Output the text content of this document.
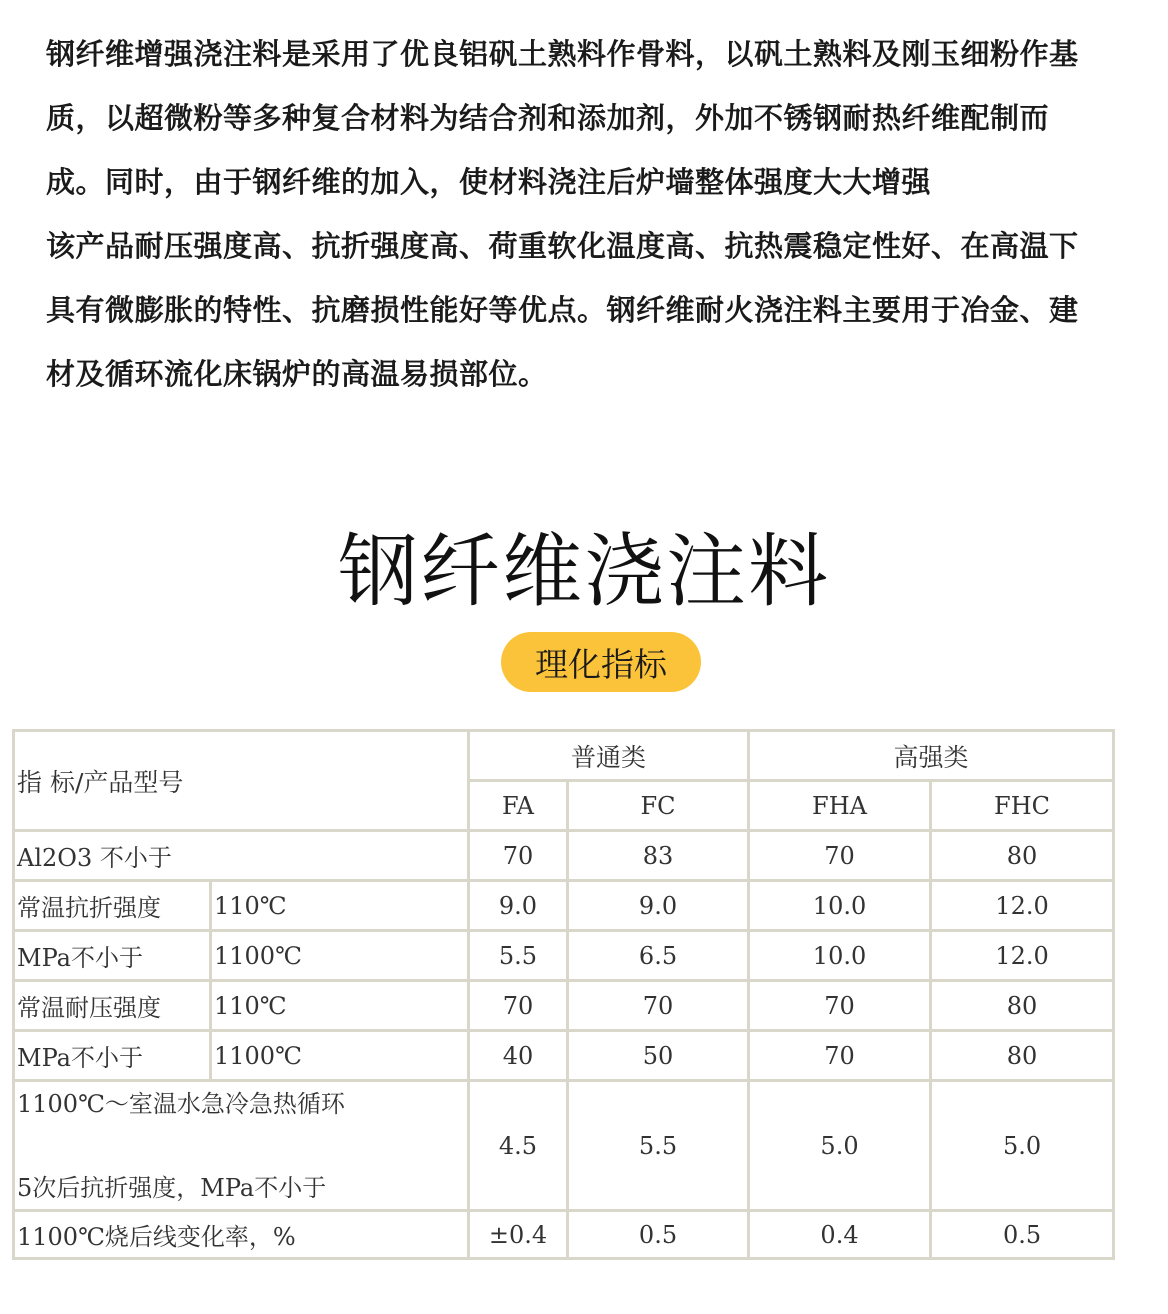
钢纤维增强浇注料是采用了优良铝矾土熟料作骨料，以矾土熟料及刚玉细粉作基质，以超微粉等多种复合材料为结合剂和添加剂，外加不锈钢耐热纤维配制而成。同时，由于钢纤维的加入，使材料浇注后炉墙整体强度大大增强

该产品耐压强度高、抗折强度高、荷重软化温度高、抗热震稳定性好、在高温下具有微膨胀的特性、抗磨损性能好等优点。钢纤维耐火浇注料主要用于冶金、建材及循环流化床锅炉的高温易损部位。

钢纤维浇注料
理化指标
指 标/产品型号		普通类		高强类	
		FA	FC	FHA	FHC
Al2O3 不小于		70	83	70	80
常温抗折强度	110℃	9.0	9.0	10.0	12.0
MPa不小于	1100℃	5.5	6.5	10.0	12.0
常温耐压强度	110℃	70	70	70	80
MPa不小于	1100℃	40	50	70	80

1100℃～室温水急冷急热循环
5次后抗折强度，MPa不小于		4.5	5.5	5.0	5.0
1100℃烧后线变化率，%		±0.4	0.5	0.4	0.5
